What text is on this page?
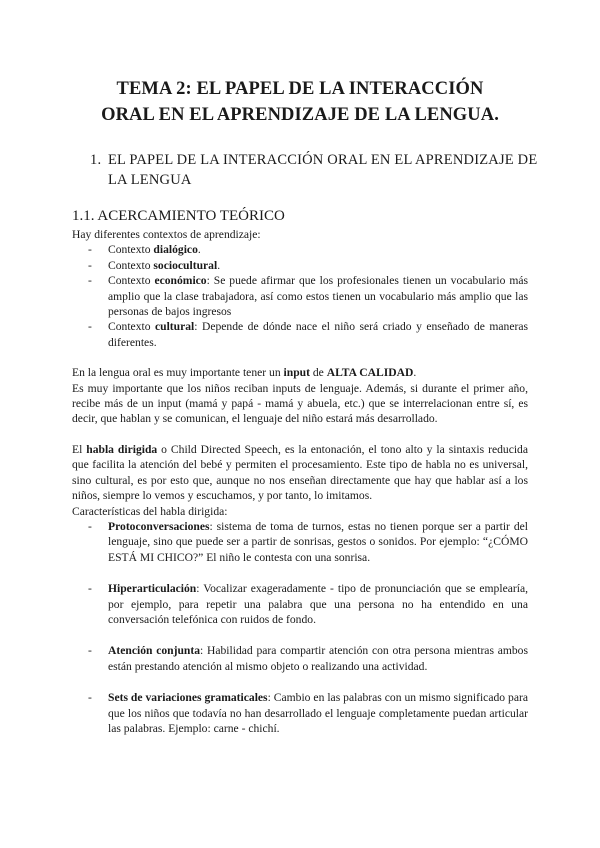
TEMA 2: EL PAPEL DE LA INTERACCIÓN
ORAL EN EL APRENDIZAJE DE LA LENGUA.
1. EL PAPEL DE LA INTERACCIÓN ORAL EN EL APRENDIZAJE DE LA LENGUA
1.1. ACERCAMIENTO TEÓRICO

Hay diferentes contextos de aprendizaje:

- Contexto dialógico.
- Contexto sociocultural.
- Contexto económico: Se puede afirmar que los profesionales tienen un vocabulario más amplio que la clase trabajadora, así como estos tienen un vocabulario más amplio que las personas de bajos ingresos
- Contexto cultural: Depende de dónde nace el niño será criado y enseñado de maneras diferentes.

En la lengua oral es muy importante tener un input de ALTA CALIDAD.

Es muy importante que los niños reciban inputs de lenguaje. Además, si durante el primer año, recibe más de un input (mamá y papá - mamá y abuela, etc.) que se interrelacionan entre sí, es decir, que hablan y se comunican, el lenguaje del niño estará más desarrollado.

El habla dirigida o Child Directed Speech, es la entonación, el tono alto y la sintaxis reducida que facilita la atención del bebé y permiten el procesamiento. Este tipo de habla no es universal, sino cultural, es por esto que, aunque no nos enseñan directamente que hay que hablar así a los niños, siempre lo vemos y escuchamos, y por tanto, lo imitamos.

Características del habla dirigida:

- Protoconversaciones: sistema de toma de turnos, estas no tienen porque ser a partir del lenguaje, sino que puede ser a partir de sonrisas, gestos o sonidos. Por ejemplo: “¿CÓMO ESTÁ MI CHICO?” El niño le contesta con una sonrisa.
- Hiperarticulación: Vocalizar exageradamente - tipo de pronunciación que se emplearía, por ejemplo, para repetir una palabra que una persona no ha entendido en una conversación telefónica con ruidos de fondo.
- Atención conjunta: Habilidad para compartir atención con otra persona mientras ambos están prestando atención al mismo objeto o realizando una actividad.
- Sets de variaciones gramaticales: Cambio en las palabras con un mismo significado para que los niños que todavía no han desarrollado el lenguaje completamente puedan articular las palabras. Ejemplo: carne - chichí.
